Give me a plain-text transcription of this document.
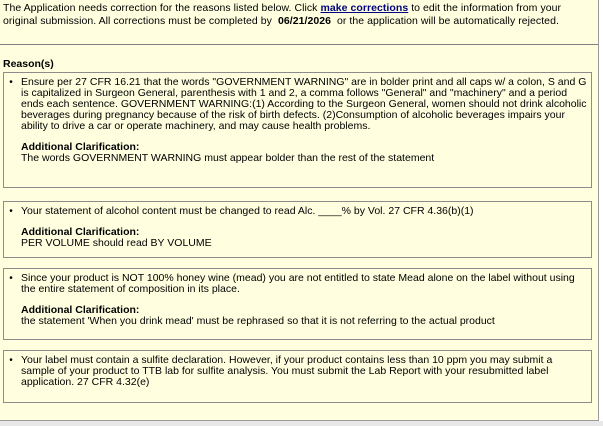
The Application needs correction for the reasons listed below. Click make corrections to edit the information from your original submission. All corrections must be completed by 06/21/2026 or the application will be automatically rejected.
Reason(s)
• Ensure per 27 CFR 16.21 that the words "GOVERNMENT WARNING" are in bolder print and all caps w/ a colon, S and G is capitalized in Surgeon General, parenthesis with 1 and 2, a comma follows "General" and "machinery" and a period ends each sentence. GOVERNMENT WARNING:(1) According to the Surgeon General, women should not drink alcoholic beverages during pregnancy because of the risk of birth defects. (2)Consumption of alcoholic beverages impairs your ability to drive a car or operate machinery, and may cause health problems.
Additional Clarification:
The words GOVERNMENT WARNING must appear bolder than the rest of the statement
• Your statement of alcohol content must be changed to read Alc. ____% by Vol. 27 CFR 4.36(b)(1)
Additional Clarification:
PER VOLUME should read BY VOLUME
• Since your product is NOT 100% honey wine (mead) you are not entitled to state Mead alone on the label without using the entire statement of composition in its place.
Additional Clarification:
the statement 'When you drink mead' must be rephrased so that it is not referring to the actual product
• Your label must contain a sulfite declaration. However, if your product contains less than 10 ppm you may submit a sample of your product to TTB lab for sulfite analysis. You must submit the Lab Report with your resubmitted label application. 27 CFR 4.32(e)
